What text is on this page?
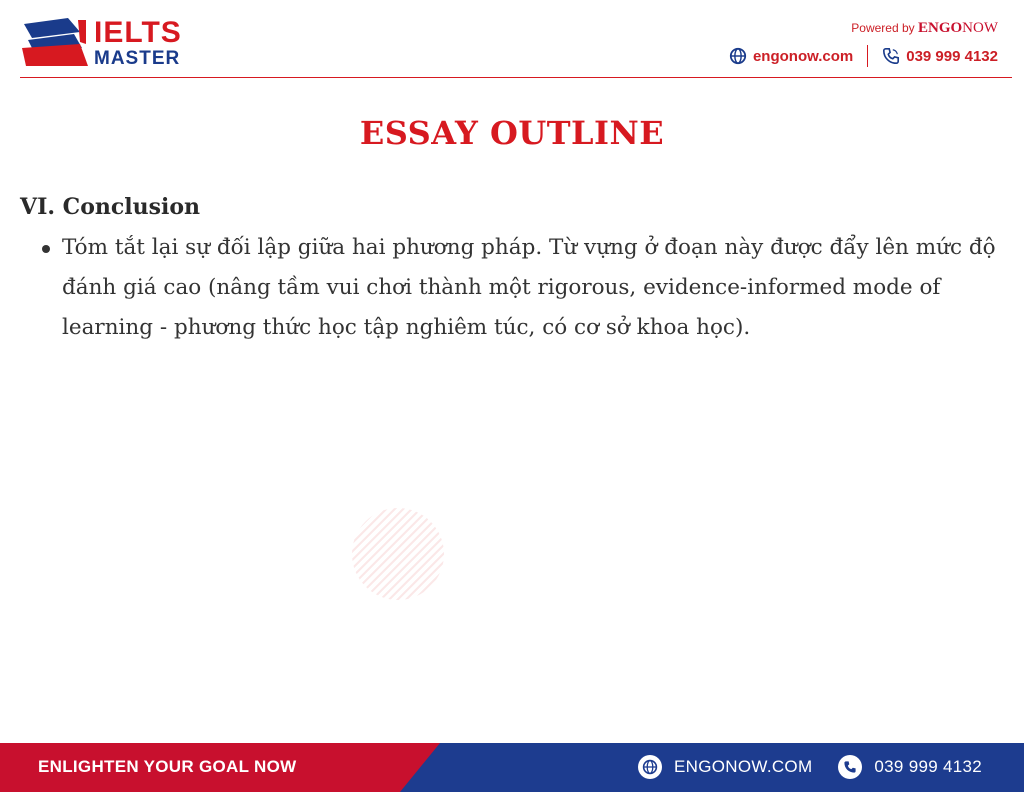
IELTS
MASTER
Powered by ENGONOW
engonow.com	039 999 4132
ESSAY OUTLINE
VI. Conclusion
Tóm tắt lại sự đối lập giữa hai phương pháp. Từ vựng ở đoạn này được đẩy lên mức độ đánh giá cao (nâng tầm vui chơi thành một rigorous, evidence-informed mode of learning - phương thức học tập nghiêm túc, có cơ sở khoa học).
ENLIGHTEN YOUR GOAL NOW	ENGONOW.COM	039 999 4132
